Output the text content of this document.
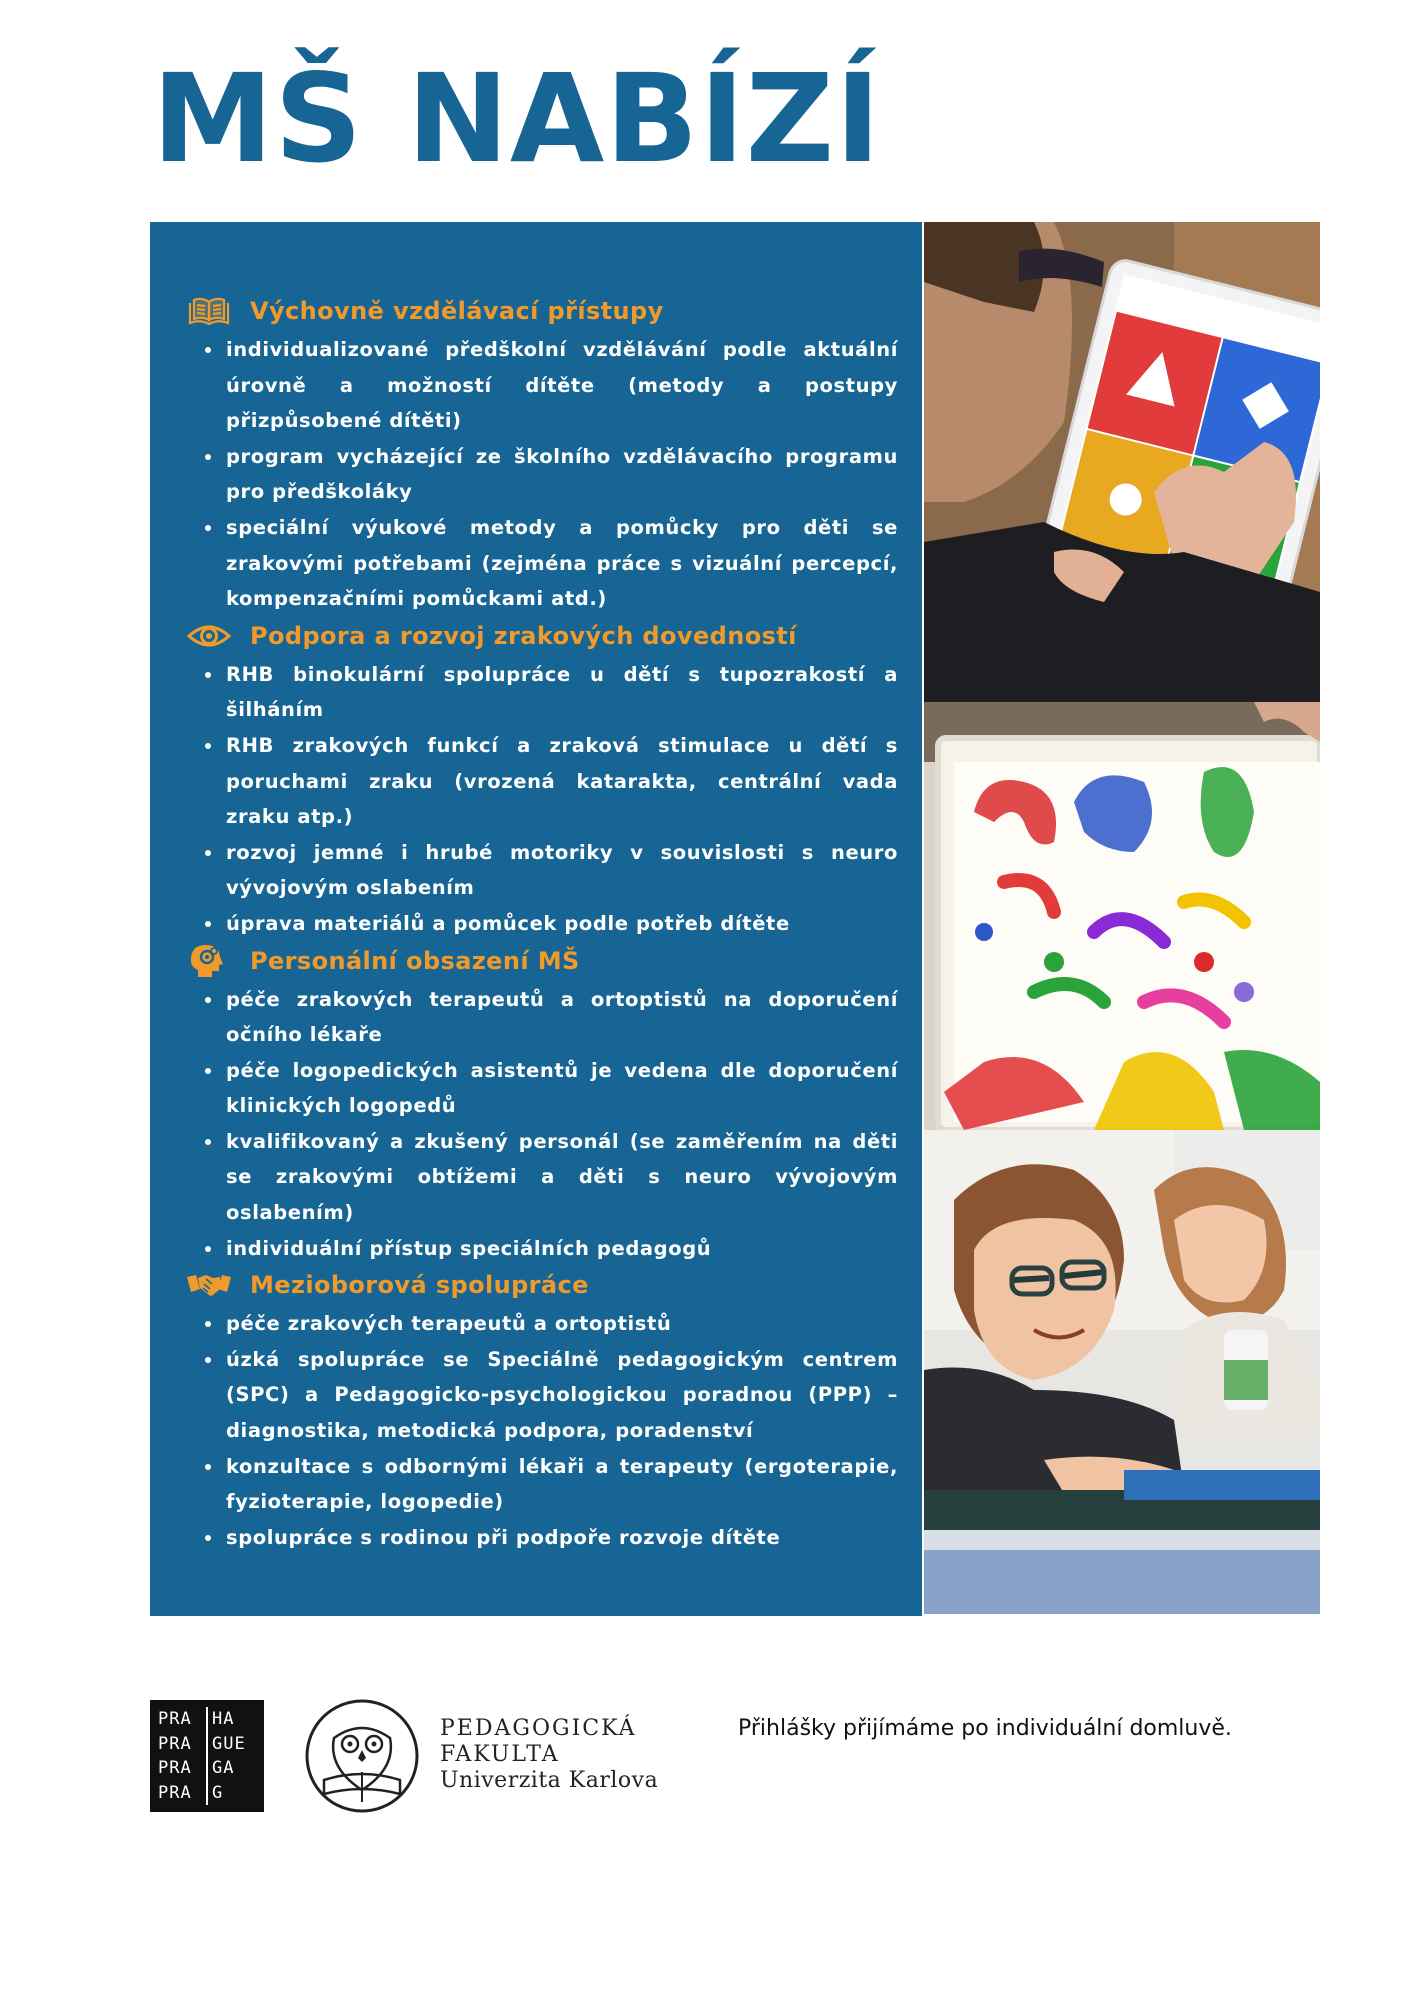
MŠ NABÍZÍ
Výchovně vzdělávací přístupy
• individualizované předškolní vzdělávání podle aktuální úrovně a možností dítěte (metody a postupy přizpůsobené dítěti)
• program vycházející ze školního vzdělávacího programu pro předškoláky
• speciální výukové metody a pomůcky pro děti se zrakovými potřebami (zejména práce s vizuální percepcí, kompenzačními pomůckami atd.)
Podpora a rozvoj zrakových dovedností
• RHB binokulární spolupráce u dětí s tupozrakostí a šilháním
• RHB zrakových funkcí a zraková stimulace u dětí s poruchami zraku (vrozená katarakta, centrální vada zraku atp.)
• rozvoj jemné i hrubé motoriky v souvislosti s neuro vývojovým oslabením
• úprava materiálů a pomůcek podle potřeb dítěte
Personální obsazení MŠ
• péče zrakových terapeutů a ortoptistů na doporučení očního lékaře
• péče logopedických asistentů je vedena dle doporučení klinických logopedů
• kvalifikovaný a zkušený personál (se zaměřením na děti se zrakovými obtížemi a děti s neuro vývojovým oslabením)
• individuální přístup speciálních pedagogů
Mezioborová spolupráce
• péče zrakových terapeutů a ortoptistů
• úzká spolupráce se Speciálně pedagogickým centrem (SPC) a Pedagogicko-psychologickou poradnou (PPP) – diagnostika, metodická podpora, poradenství
• konzultace s odbornými lékaři a terapeuty (ergoterapie, fyzioterapie, logopedie)
• spolupráce s rodinou při podpoře rozvoje dítěte
PRA	HA
PRA	GUE
PRA	GA
PRA	G
PEDAGOGICKÁ
FAKULTA
Univerzita Karlova
Přihlášky přijímáme po individuální domluvě.
